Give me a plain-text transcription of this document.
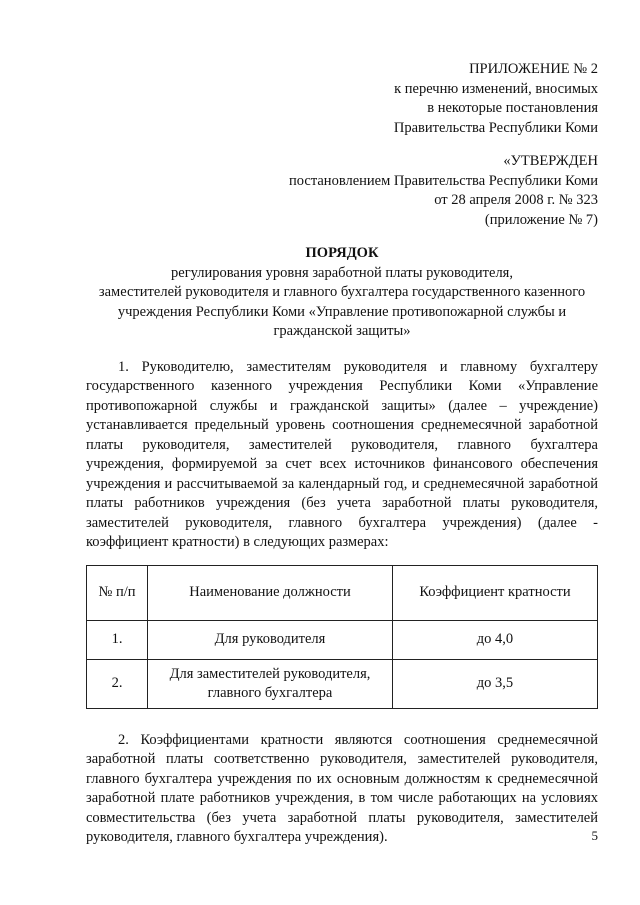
ПРИЛОЖЕНИЕ № 2
к перечню изменений, вносимых
в некоторые постановления
Правительства Республики Коми
«УТВЕРЖДЕН
постановлением Правительства Республики Коми
от 28 апреля 2008 г. № 323
(приложение № 7)
ПОРЯДОК
регулирования уровня заработной платы руководителя,
заместителей руководителя и главного бухгалтера государственного казенного
учреждения Республики Коми «Управление противопожарной службы и
гражданской защиты»

1. Руководителю, заместителям руководителя и главному бухгалтеру государственного казенного учреждения Республики Коми «Управление противопожарной службы и гражданской защиты» (далее – учреждение) устанавливается предельный уровень соотношения среднемесячной заработной платы руководителя, заместителей руководителя, главного бухгалтера учреждения, формируемой за счет всех источников финансового обеспечения учреждения и рассчитываемой за календарный год, и среднемесячной заработной платы работников учреждения (без учета заработной платы руководителя, заместителей руководителя, главного бухгалтера учреждения) (далее - коэффициент кратности) в следующих размерах:

№ п/п	Наименование должности	Коэффициент кратности
1.	Для руководителя	до 4,0
2.	Для заместителей руководителя, главного бухгалтера	до 3,5

2. Коэффициентами кратности являются соотношения среднемесячной заработной платы соответственно руководителя, заместителей руководителя, главного бухгалтера учреждения по их основным должностям к среднемесячной заработной плате работников учреждения, в том числе работающих на условиях совместительства (без учета заработной платы руководителя, заместителей руководителя, главного бухгалтера учреждения).	5
